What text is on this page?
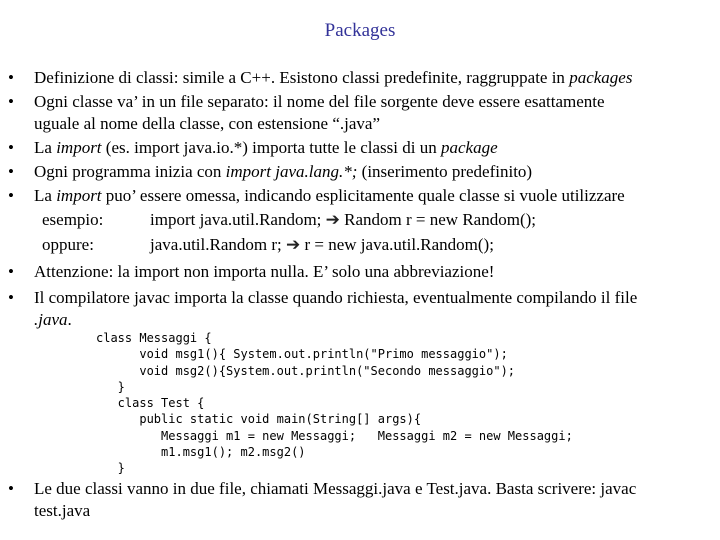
Packages
• Definizione di classi: simile a C++. Esistono classi predefinite, raggruppate in packages
• Ogni classe va’ in un file separato: il nome del file sorgente deve essere esattamente
uguale al nome della classe, con estensione “.java”
• La import (es. import java.io.*) importa tutte le classi di un package
• Ogni programma inizia con import java.lang.*; (inserimento predefinito)
• La import puo’ essere omessa, indicando esplicitamente quale classe si vuole utilizzare
esempio:	import java.util.Random; ➔ Random r = new Random();
oppure:	java.util.Random r; ➔ r = new java.util.Random();
• Attenzione: la import non importa nulla. E’ solo una abbreviazione!
• Il compilatore javac importa la classe quando richiesta, eventualmente compilando il file
.java.
class Messaggi {
void msg1(){ System.out.println("Primo messaggio");
void msg2(){System.out.println("Secondo messaggio");
}
class Test {
public static void main(String[] args){
Messaggi m1 = new Messaggi;   Messaggi m2 = new Messaggi;
m1.msg1(); m2.msg2()
}
• Le due classi vanno in due file, chiamati Messaggi.java e Test.java. Basta scrivere: javac
test.java
